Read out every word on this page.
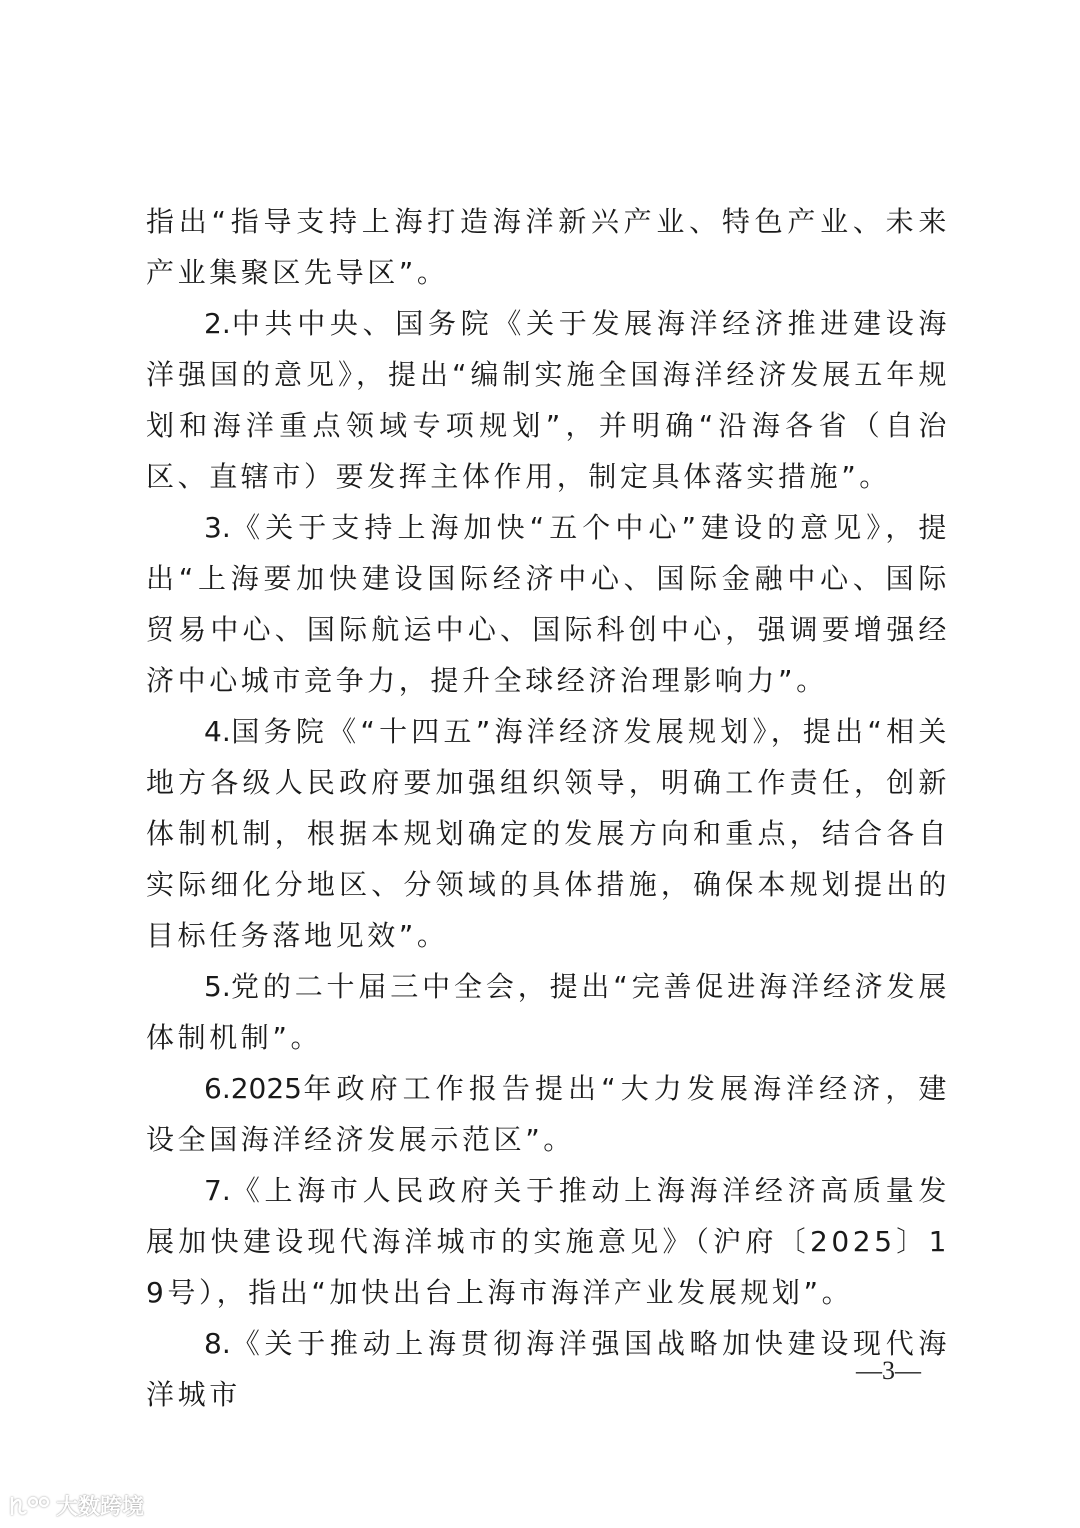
指出“指导支持上海打造海洋新兴产业、特色产业、未来产业集聚区先导区”。

2.中共中央、国务院《关于发展海洋经济推进建设海洋强国的意见》，提出“编制实施全国海洋经济发展五年规划和海洋重点领域专项规划”，并明确“沿海各省（自治区、直辖市）要发挥主体作用，制定具体落实措施”。

3.《关于支持上海加快“五个中心”建设的意见》，提出“上海要加快建设国际经济中心、国际金融中心、国际贸易中心、国际航运中心、国际科创中心，强调要增强经济中心城市竞争力，提升全球经济治理影响力”。

4.国务院《“十四五”海洋经济发展规划》，提出“相关地方各级人民政府要加强组织领导，明确工作责任，创新体制机制，根据本规划确定的发展方向和重点，结合各自实际细化分地区、分领域的具体措施，确保本规划提出的目标任务落地见效”。

5.党的二十届三中全会，提出“完善促进海洋经济发展体制机制”。

6.2025年政府工作报告提出“大力发展海洋经济，建设全国海洋经济发展示范区”。

7.《上海市人民政府关于推动上海海洋经济高质量发展加快建设现代海洋城市的实施意见》（沪府〔2025〕19号），指出“加快出台上海市海洋产业发展规划”。

8.《关于推动上海贯彻海洋强国战略加快建设现代海洋城市

—3—
大数跨境
